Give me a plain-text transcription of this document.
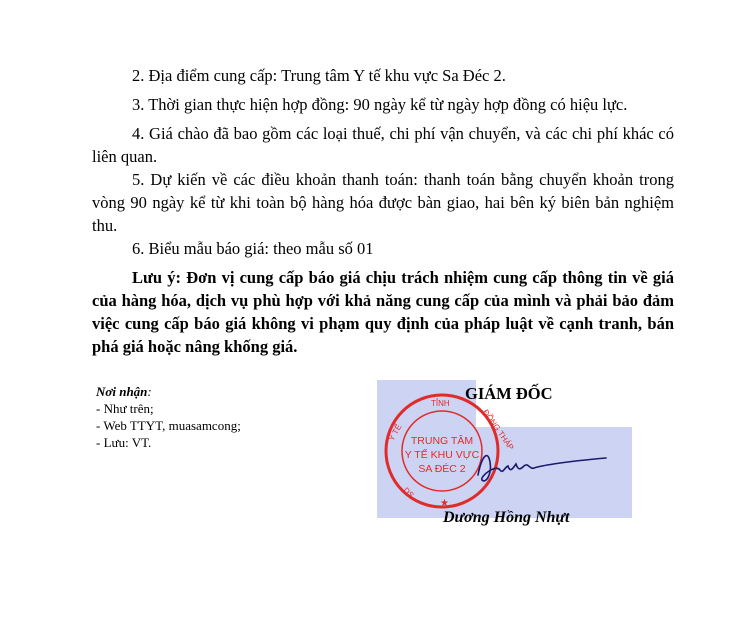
2. Địa điểm cung cấp: Trung tâm Y tế khu vực Sa Đéc 2.

3. Thời gian thực hiện hợp đồng: 90 ngày kể từ ngày hợp đồng có hiệu lực.

4. Giá chào đã bao gồm các loại thuế, chi phí vận chuyển, và các chi phí khác có liên quan.

5. Dự kiến về các điều khoản thanh toán: thanh toán bằng chuyển khoản trong vòng 90 ngày kể từ khi toàn bộ hàng hóa được bàn giao, hai bên ký biên bản nghiệm thu.

6. Biểu mẫu báo giá: theo mẫu số 01

Lưu ý: Đơn vị cung cấp báo giá chịu trách nhiệm cung cấp thông tin về giá của hàng hóa, dịch vụ phù hợp với khả năng cung cấp của mình và phải bảo đảm việc cung cấp báo giá không vi phạm quy định của pháp luật về cạnh tranh, bán phá giá hoặc nâng khống giá.

Nơi nhận:
- Như trên;
- Web TTYT, muasamcong;
- Lưu: VT.
GIÁM ĐỐC
TỈNH
Y TẾ	ĐỒNG THÁP
DS
TRUNG TÂM
Y TẾ KHU VỰC
SA ĐÉC 2
★
Dương Hồng Nhựt
